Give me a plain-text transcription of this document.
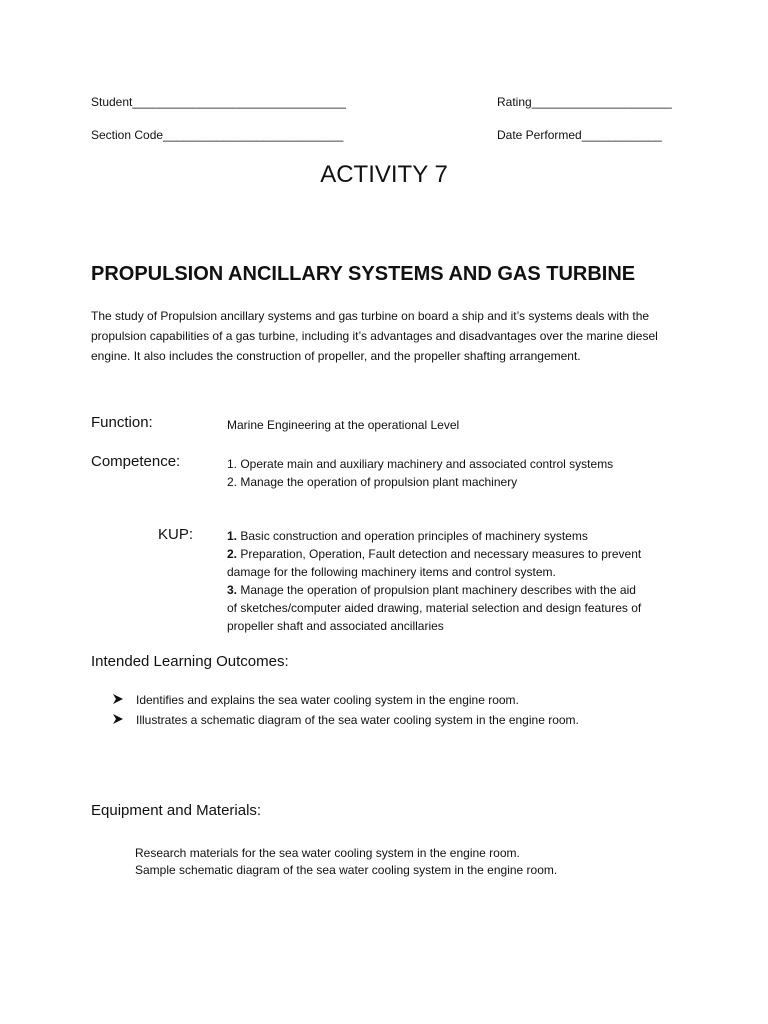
Student________________________________	Rating_____________________
Section Code___________________________	Date Performed____________
ACTIVITY 7
PROPULSION ANCILLARY SYSTEMS AND GAS TURBINE

The study of Propulsion ancillary systems and gas turbine on board a ship and it’s systems deals with the propulsion capabilities of a gas turbine, including it’s advantages and disadvantages over the marine diesel engine. It also includes the construction of propeller, and the propeller shafting arrangement.

Function:	Marine Engineering at the operational Level
Competence:	1. Operate main and auxiliary machinery and associated control systems
2. Manage the operation of propulsion plant machinery
KUP:	1. Basic construction and operation principles of machinery systems
2. Preparation, Operation, Fault detection and necessary measures to prevent
damage for the following machinery items and control system.
3. Manage the operation of propulsion plant machinery describes with the aid
of sketches/computer aided drawing, material selection and design features of
propeller shaft and associated ancillaries
Intended Learning Outcomes:
Identifies and explains the sea water cooling system in the engine room.
Illustrates a schematic diagram of the sea water cooling system in the engine room.
Equipment and Materials:
Research materials for the sea water cooling system in the engine room.
Sample schematic diagram of the sea water cooling system in the engine room.
